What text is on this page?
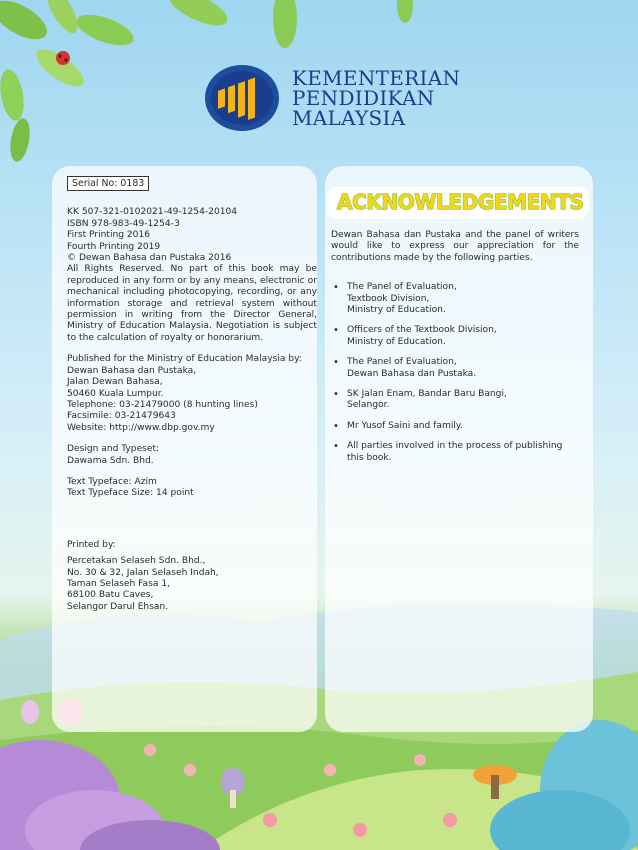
KEMENTERIAN
PENDIDIKAN
MALAYSIA
Serial No: 0183
KK 507-321-0102021-49-1254-20104
ISBN 978-983-49-1254-3
First Printing 2016
Fourth Printing 2019
© Dewan Bahasa dan Pustaka 2016
All Rights Reserved. No part of this book may be reproduced in any form or by any means, electronic or mechanical including photocopying, recording, or any information storage and retrieval system without permission in writing from the Director General, Ministry of Education Malaysia. Negotiation is subject to the calculation of royalty or honorarium.
Published for the Ministry of Education Malaysia by:
Dewan Bahasa dan Pustaka,
Jalan Dewan Bahasa,
50460 Kuala Lumpur.
Telephone: 03-21479000 (8 hunting lines)
Facsimile: 03-21479643
Website: http://www.dbp.gov.my
Design and Typeset:
Dawama Sdn. Bhd.
Text Typeface: Azim
Text Typeface Size: 14 point
Printed by:
Percetakan Selaseh Sdn. Bhd.,
No. 30 & 32, Jalan Selaseh Indah,
Taman Selaseh Fasa 1,
68100 Batu Caves,
Selangor Darul Ehsan.
ACKNOWLEDGEMENTS
Dewan Bahasa dan Pustaka and the panel of writers would like to express our appreciation for the contributions made by the following parties.
• The Panel of Evaluation,
Textbook Division,
Ministry of Education.
• Officers of the Textbook Division,
Ministry of Education.
• The Panel of Evaluation,
Dewan Bahasa dan Pustaka.
• SK Jalan Enam, Bandar Baru Bangi,
Selangor.
• Mr Yusof Saini and family.
• All parties involved in the process of publishing
this book.
